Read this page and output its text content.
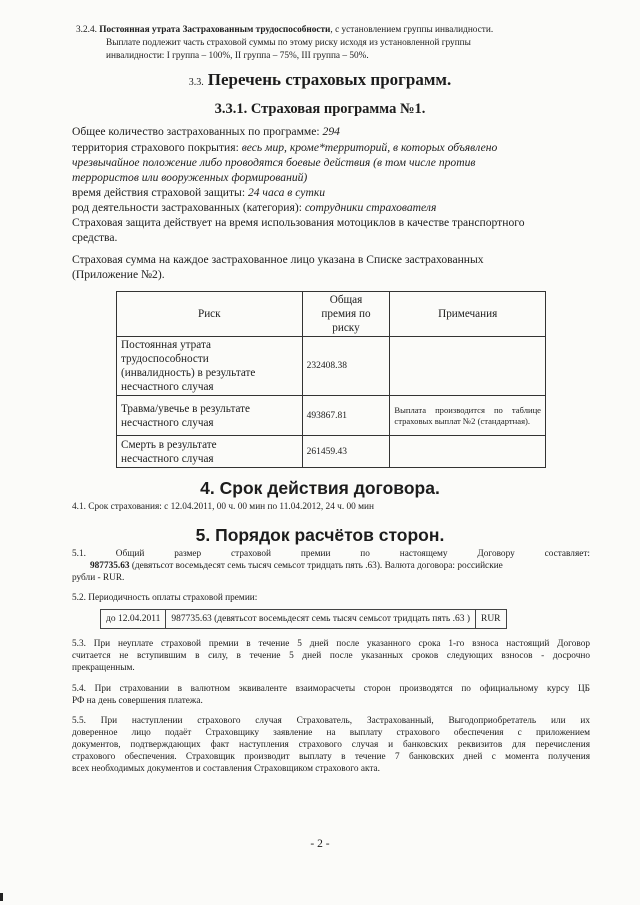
3.2.4. Постоянная утрата Застрахованным трудоспособности, с установлением группы инвалидности.
Выплате подлежит часть страховой суммы по этому риску исходя из установленной группы
инвалидности: I группа – 100%, II группа – 75%, III группа – 50%.
3.3. Перечень страховых программ.
3.3.1. Страховая программа №1.
Общее количество застрахованных по программе: 294
территория страхового покрытия: весь мир, кроме*территорий, в которых объявлено
чрезвычайное положение либо проводятся боевые действия (в том числе против
террористов или вооруженных формирований)
время действия страховой защиты: 24 часа в сутки
род деятельности застрахованных (категория): сотрудники страхователя
Страховая защита действует на время использования мотоциклов в качестве транспортного
средства.
Страховая сумма на каждое застрахованное лицо указана в Списке застрахованных
(Приложение №2).
Риск	Общая
премия по
риску	Примечания
Постоянная утрата
трудоспособности
(инвалидность) в результате
несчастного случая	232408.38	
Травма/увечье в результате
несчастного случая	493867.81	Выплата производится по таблице страховых выплат №2 (стандартная).
Смерть в результате
несчастного случая	261459.43	
4. Срок действия договора.
4.1. Срок страхования: с 12.04.2011, 00 ч. 00 мин по 11.04.2012, 24 ч. 00 мин
5. Порядок расчётов сторон.
5.1. Общий размер страховой премии по настоящему Договору составляет:
987735.63 (девятьсот восемьдесят семь тысяч семьсот тридцать пять .63). Валюта договора: российские
рубли - RUR.
5.2. Периодичность оплаты страховой премии:
до 12.04.2011	987735.63 (девятьсот восемьдесят семь тысяч семьсот тридцать пять .63 )	RUR
5.3. При неуплате страховой премии в течение 5 дней после указанного срока 1-го взноса настоящий Договор
считается не вступившим в силу, в течение 5 дней после указанных сроков следующих взносов - досрочно
прекращенным.
5.4. При страховании в валютном эквиваленте взаиморасчеты сторон производятся по официальному курсу ЦБ
РФ на день совершения платежа.
5.5. При наступлении страхового случая Страхователь, Застрахованный, Выгодоприобретатель или их
доверенное лицо подаёт Страховщику заявление на выплату страхового обеспечения с приложением
документов, подтверждающих факт наступления страхового случая и банковских реквизитов для перечисления
страхового обеспечения. Страховщик производит выплату в течение 7 банковских дней с момента получения
всех необходимых документов и составления Страховщиком страхового акта.
- 2 -
